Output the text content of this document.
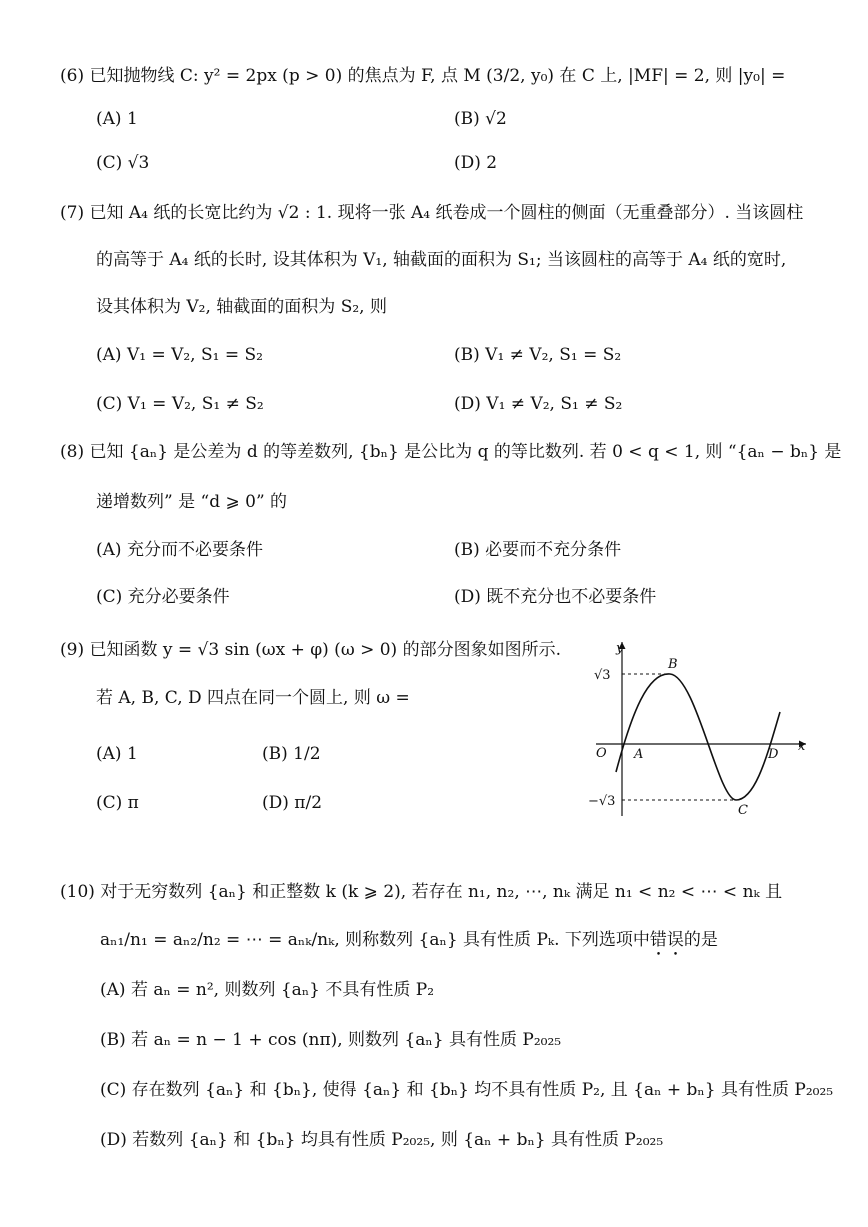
(6) 已知抛物线 C: y² = 2px (p > 0) 的焦点为 F, 点 M (3/2, y₀) 在 C 上, |MF| = 2, 则 |y₀| =
(A) 1	(B) √2
(C) √3	(D) 2
(7) 已知 A₄ 纸的长宽比约为 √2 : 1. 现将一张 A₄ 纸卷成一个圆柱的侧面（无重叠部分）. 当该圆柱
的高等于 A₄ 纸的长时, 设其体积为 V₁, 轴截面的面积为 S₁; 当该圆柱的高等于 A₄ 纸的宽时,
设其体积为 V₂, 轴截面的面积为 S₂, 则
(A) V₁ = V₂, S₁ = S₂	(B) V₁ ≠ V₂, S₁ = S₂
(C) V₁ = V₂, S₁ ≠ S₂	(D) V₁ ≠ V₂, S₁ ≠ S₂
(8) 已知 {aₙ} 是公差为 d 的等差数列, {bₙ} 是公比为 q 的等比数列. 若 0 < q < 1, 则 “{aₙ − bₙ} 是
递增数列” 是 “d ⩾ 0” 的
(A) 充分而不必要条件	(B) 必要而不充分条件
(C) 充分必要条件	(D) 既不充分也不必要条件
(9) 已知函数 y = √3 sin (ωx + φ) (ω > 0) 的部分图象如图所示.
若 A, B, C, D 四点在同一个圆上, 则 ω =
(A) 1	(B) 1/2
(C) π	(D) π/2
y
x
O
√3
−√3
A
B
C
D
(10) 对于无穷数列 {aₙ} 和正整数 k (k ⩾ 2), 若存在 n₁, n₂, ⋯, nₖ 满足 n₁ < n₂ < ⋯ < nₖ 且
aₙ₁/n₁ = aₙ₂/n₂ = ⋯ = aₙₖ/nₖ, 则称数列 {aₙ} 具有性质 Pₖ. 下列选项中错误的是
(A) 若 aₙ = n², 则数列 {aₙ} 不具有性质 P₂
(B) 若 aₙ = n − 1 + cos (nπ), 则数列 {aₙ} 具有性质 P₂₀₂₅
(C) 存在数列 {aₙ} 和 {bₙ}, 使得 {aₙ} 和 {bₙ} 均不具有性质 P₂, 且 {aₙ + bₙ} 具有性质 P₂₀₂₅
(D) 若数列 {aₙ} 和 {bₙ} 均具有性质 P₂₀₂₅, 则 {aₙ + bₙ} 具有性质 P₂₀₂₅
